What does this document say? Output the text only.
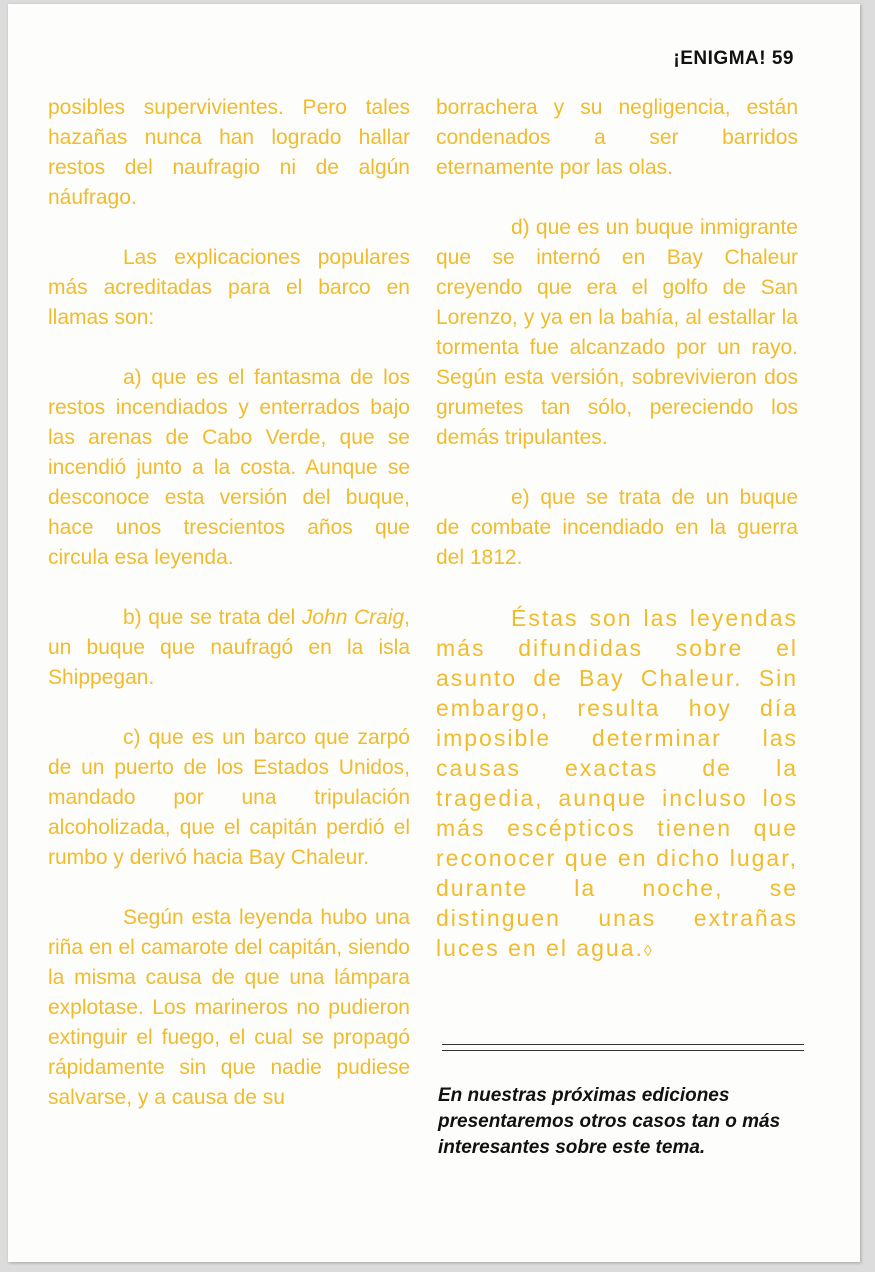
¡ENIGMA! 59

posibles supervivientes. Pero tales hazañas nunca han logrado hallar restos del naufragio ni de algún náufrago.

Las explicaciones populares más acreditadas para el barco en llamas son:

a) que es el fantasma de los restos incendiados y enterrados bajo las arenas de Cabo Verde, que se incendió junto a la costa. Aunque se desconoce esta versión del buque, hace unos trescientos años que circula esa leyenda.

b) que se trata del John Craig, un buque que naufragó en la isla Shippegan.

c) que es un barco que zarpó de un puerto de los Estados Unidos, mandado por una tripulación alcoholizada, que el capitán perdió el rumbo y derivó hacia Bay Chaleur.

Según esta leyenda hubo una riña en el camarote del capitán, siendo la misma causa de que una lámpara explotase. Los marineros no pudieron extinguir el fuego, el cual se propagó rápidamente sin que nadie pudiese salvarse, y a causa de su

borrachera y su negligencia, están condenados a ser barridos eternamente por las olas.

d) que es un buque inmigrante que se internó en Bay Chaleur creyendo que era el golfo de San Lorenzo, y ya en la bahía, al estallar la tormenta fue alcanzado por un rayo. Según esta versión, sobrevivieron dos grumetes tan sólo, pereciendo los demás tripulantes.

e) que se trata de un buque de combate incendiado en la guerra del 1812.

Éstas son las leyendas más difundidas sobre el asunto de Bay Chaleur. Sin embargo, resulta hoy día imposible determinar las causas exactas de la tragedia, aunque incluso los más escépticos tienen que reconocer que en dicho lugar, durante la noche, se distinguen unas extrañas luces en el agua.◊

En nuestras próximas ediciones presentaremos otros casos tan o más interesantes sobre este tema.
